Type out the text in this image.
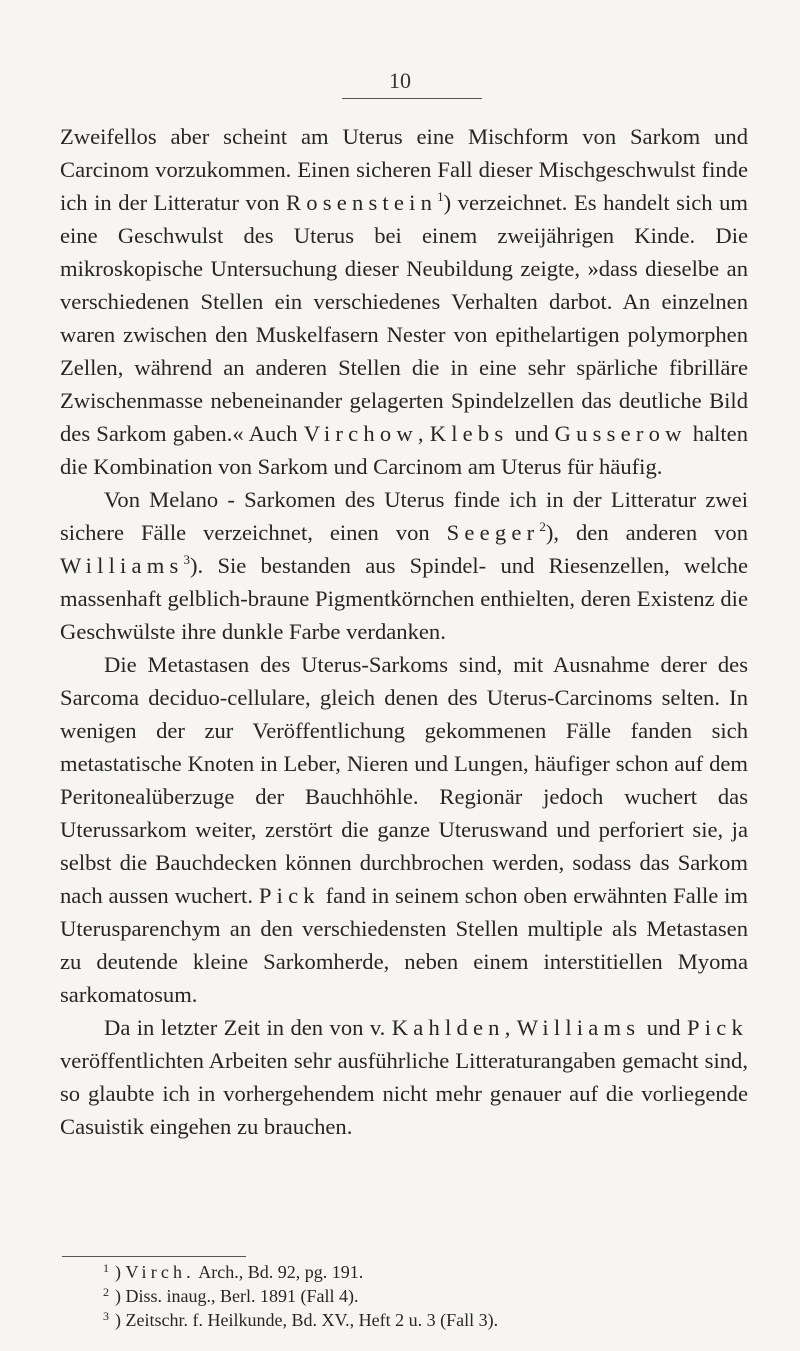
10

Zweifellos aber scheint am Uterus eine Mischform von Sarkom und Carcinom vorzukommen. Einen sicheren Fall dieser Mischgeschwulst finde ich in der Litteratur von Rosenstein$^1$) verzeichnet. Es handelt sich um eine Geschwulst des Uterus bei einem zweijährigen Kinde. Die mikroskopische Untersuchung dieser Neubildung zeigte, »dass dieselbe an verschiedenen Stellen ein verschiedenes Verhalten darbot. An einzelnen waren zwischen den Muskelfasern Nester von epithelartigen polymorphen Zellen, während an anderen Stellen die in eine sehr spärliche fibrilläre Zwischenmasse nebeneinander gelagerten Spindelzellen das deutliche Bild des Sarkom gaben.« Auch Virchow, Klebs und Gusserow halten die Kombination von Sarkom und Carcinom am Uterus für häufig.

Von Melano - Sarkomen des Uterus finde ich in der Litteratur zwei sichere Fälle verzeichnet, einen von Seeger$^2$), den anderen von Williams$^3$). Sie bestanden aus Spindel- und Riesenzellen, welche massenhaft gelblich-braune Pigmentkörnchen enthielten, deren Existenz die Geschwülste ihre dunkle Farbe verdanken.

Die Metastasen des Uterus-Sarkoms sind, mit Ausnahme derer des Sarcoma deciduo-cellulare, gleich denen des Uterus-Carcinoms selten. In wenigen der zur Veröffentlichung gekommenen Fälle fanden sich metastatische Knoten in Leber, Nieren und Lungen, häufiger schon auf dem Peritonealüberzuge der Bauchhöhle. Regionär jedoch wuchert das Uterussarkom weiter, zerstört die ganze Uteruswand und perforiert sie, ja selbst die Bauchdecken können durchbrochen werden, sodass das Sarkom nach aussen wuchert. Pick fand in seinem schon oben erwähnten Falle im Uterusparenchym an den verschiedensten Stellen multiple als Metastasen zu deutende kleine Sarkomherde, neben einem interstitiellen Myoma sarkomatosum.

Da in letzter Zeit in den von v. Kahlden, Williams und Pick veröffentlichten Arbeiten sehr ausführliche Litteraturangaben gemacht sind, so glaubte ich in vorhergehendem nicht mehr genauer auf die vorliegende Casuistik eingehen zu brauchen.

$^1$ ) Virch. Arch., Bd. 92, pg. 191.

$^2$ ) Diss. inaug., Berl. 1891 (Fall 4).

$^3$ ) Zeitschr. f. Heilkunde, Bd. XV., Heft 2 u. 3 (Fall 3).
